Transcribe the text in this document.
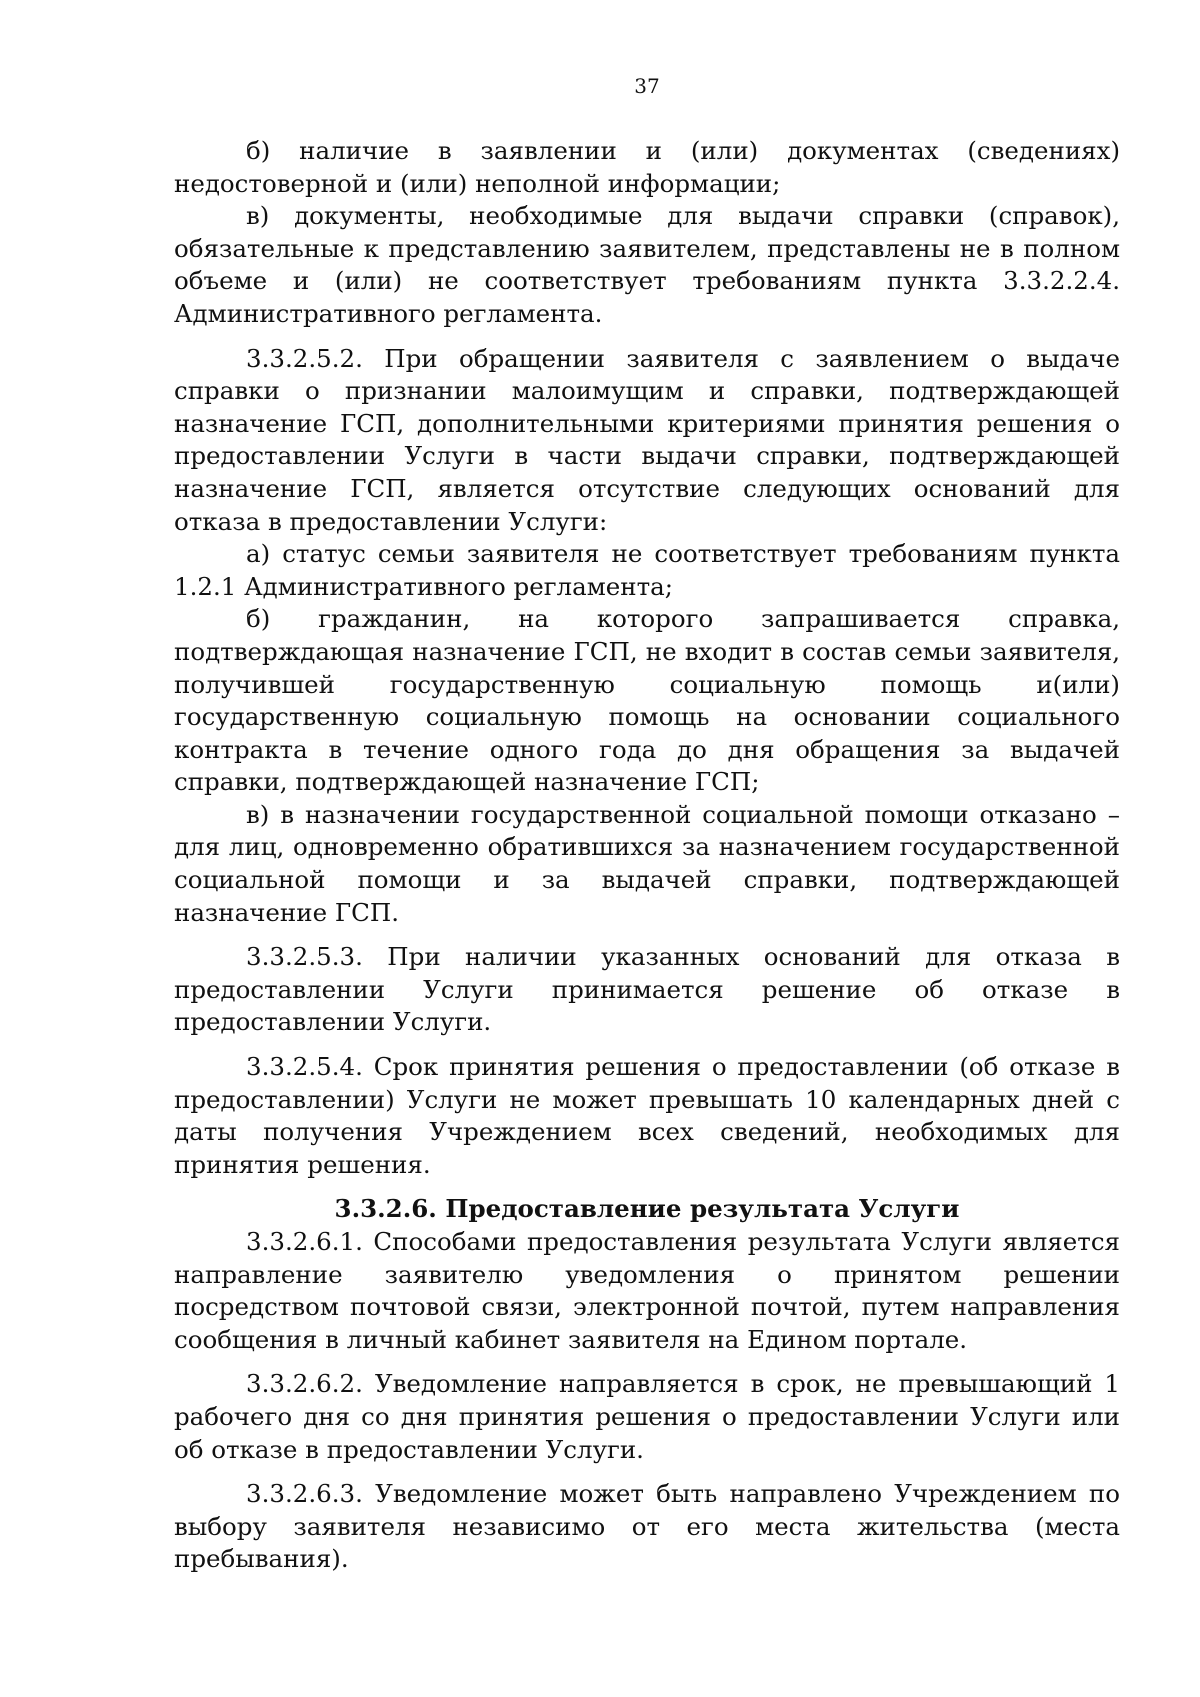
37

б) наличие в заявлении и (или) документах (сведениях) недостоверной и (или) неполной информации;

в) документы, необходимые для выдачи справки (справок), обязательные к представлению заявителем, представлены не в полном объеме и (или) не соответствует требованиям пункта 3.3.2.2.4. Административного регламента.

3.3.2.5.2. При обращении заявителя с заявлением о выдаче справки о признании малоимущим и справки, подтверждающей назначение ГСП, дополнительными критериями принятия решения о предоставлении Услуги в части выдачи справки, подтверждающей назначение ГСП, является отсутствие следующих оснований для отказа в предоставлении Услуги:

а) статус семьи заявителя не соответствует требованиям пункта 1.2.1 Административного регламента;

б) гражданин, на которого запрашивается справка, подтверждающая назначение ГСП, не входит в состав семьи заявителя, получившей государственную социальную помощь и(или) государственную социальную помощь на основании социального контракта в течение одного года до дня обращения за выдачей справки, подтверждающей назначение ГСП;

в) в назначении государственной социальной помощи отказано – для лиц, одновременно обратившихся за назначением государственной социальной помощи и за выдачей справки, подтверждающей назначение ГСП.

3.3.2.5.3. При наличии указанных оснований для отказа в предоставлении Услуги принимается решение об отказе в предоставлении Услуги.

3.3.2.5.4. Срок принятия решения о предоставлении (об отказе в предоставлении) Услуги не может превышать 10 календарных дней с даты получения Учреждением всех сведений, необходимых для принятия решения.

3.3.2.6. Предоставление результата Услуги

3.3.2.6.1. Способами предоставления результата Услуги является направление заявителю уведомления о принятом решении посредством почтовой связи, электронной почтой, путем направления сообщения в личный кабинет заявителя на Едином портале.

3.3.2.6.2. Уведомление направляется в срок, не превышающий 1 рабочего дня со дня принятия решения о предоставлении Услуги или об отказе в предоставлении Услуги.

3.3.2.6.3. Уведомление может быть направлено Учреждением по выбору заявителя независимо от его места жительства (места пребывания).
